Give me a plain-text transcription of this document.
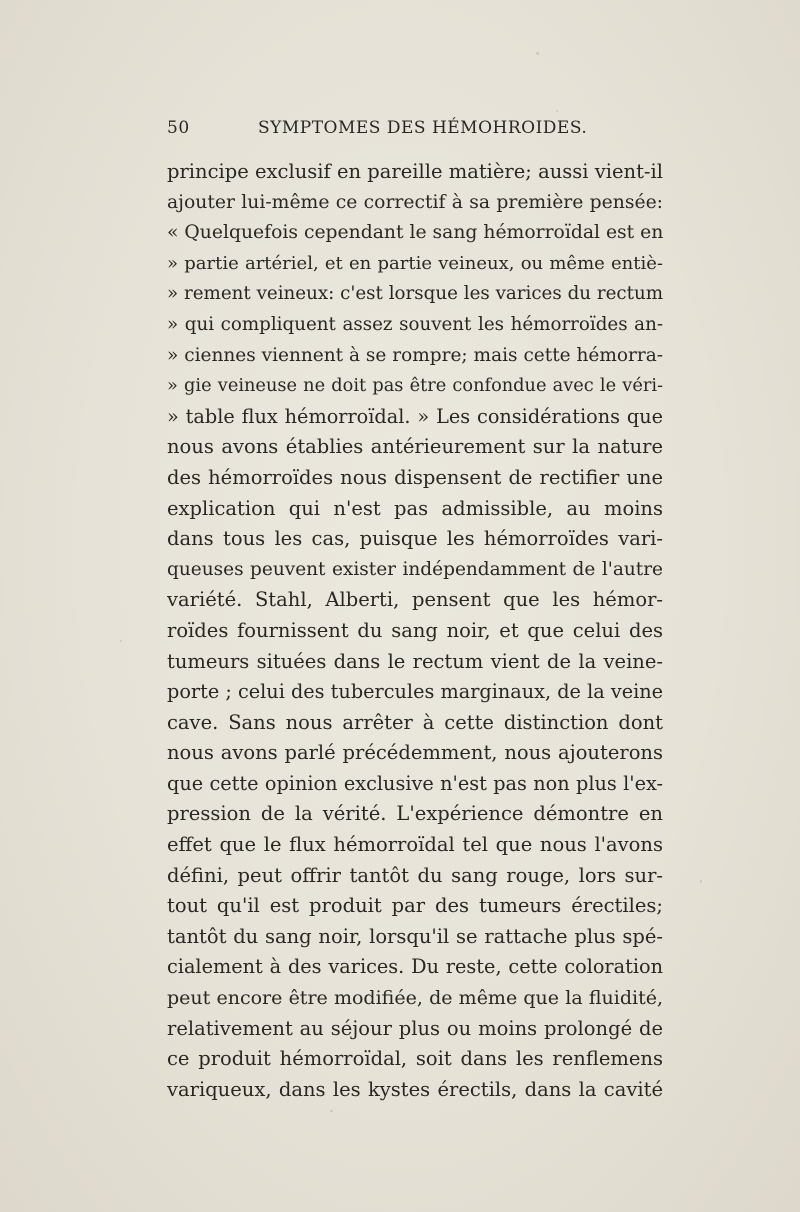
50	SYMPTOMES DES HÉMOHROIDES.
principe exclusif en pareille matière; aussi vient-il
ajouter lui-même ce correctif à sa première pensée:
« Quelquefois cependant le sang hémorroïdal est en
» partie artériel, et en partie veineux, ou même entiè-
» rement veineux: c'est lorsque les varices du rectum
» qui compliquent assez souvent les hémorroïdes an-
» ciennes viennent à se rompre; mais cette hémorra-
» gie veineuse ne doit pas être confondue avec le véri-
» table flux hémorroïdal. » Les considérations que
nous avons établies antérieurement sur la nature
des hémorroïdes nous dispensent de rectifier une
explication qui n'est pas admissible, au moins
dans tous les cas, puisque les hémorroïdes vari-
queuses peuvent exister indépendamment de l'autre
variété. Stahl, Alberti, pensent que les hémor-
roïdes fournissent du sang noir, et que celui des
tumeurs situées dans le rectum vient de la veine-
porte ; celui des tubercules marginaux, de la veine
cave. Sans nous arrêter à cette distinction dont
nous avons parlé précédemment, nous ajouterons
que cette opinion exclusive n'est pas non plus l'ex-
pression de la vérité. L'expérience démontre en
effet que le flux hémorroïdal tel que nous l'avons
défini, peut offrir tantôt du sang rouge, lors sur-
tout qu'il est produit par des tumeurs érectiles;
tantôt du sang noir, lorsqu'il se rattache plus spé-
cialement à des varices. Du reste, cette coloration
peut encore être modifiée, de même que la fluidité,
relativement au séjour plus ou moins prolongé de
ce produit hémorroïdal, soit dans les renflemens
variqueux, dans les kystes érectils, dans la cavité
